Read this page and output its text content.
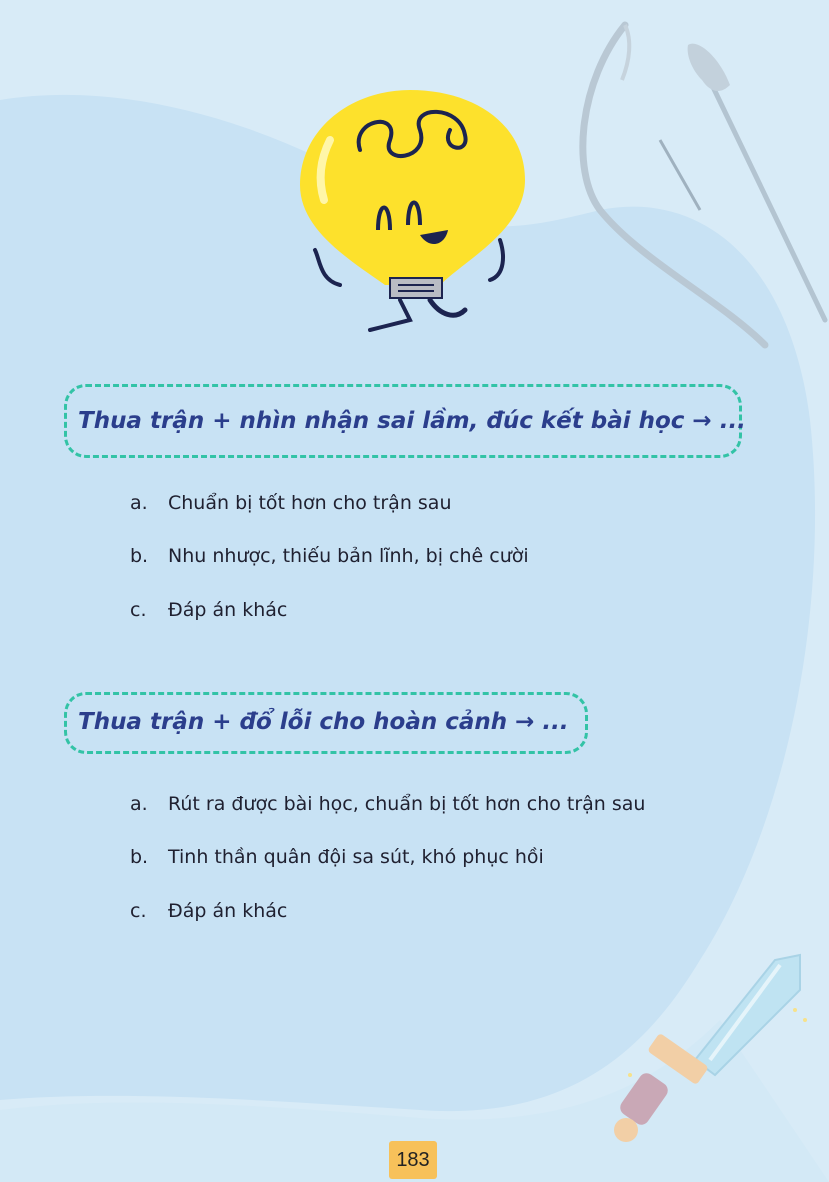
Thua trận + nhìn nhận sai lầm, đúc kết bài học → ...
a. Chuẩn bị tốt hơn cho trận sau
b. Nhu nhược, thiếu bản lĩnh, bị chê cười
c. Đáp án khác
Thua trận + đổ lỗi cho hoàn cảnh → ...
a. Rút ra được bài học, chuẩn bị tốt hơn cho trận sau
b. Tinh thần quân đội sa sút, khó phục hồi
c. Đáp án khác
183
